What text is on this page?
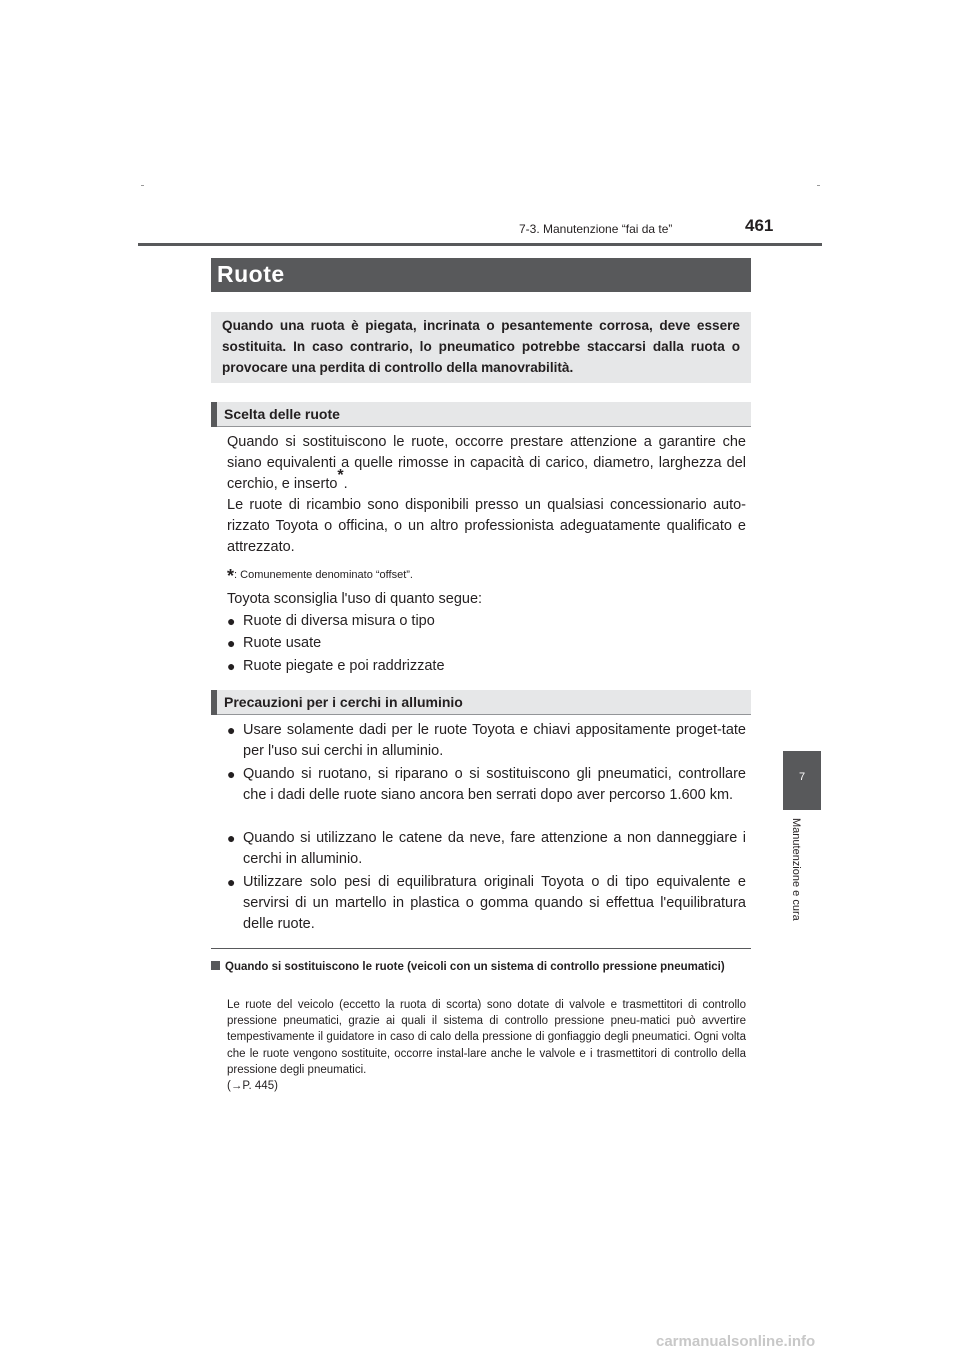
7-3. Manutenzione “fai da te”	461
7
Manutenzione e cura
Ruote

Quando una ruota è piegata, incrinata o pesantemente corrosa, deve essere sostituita. In caso contrario, lo pneumatico potrebbe staccarsi dalla ruota o provocare una perdita di controllo della manovrabilità.

Scelta delle ruote

Quando si sostituiscono le ruote, occorre prestare attenzione a garantire che siano equivalenti a quelle rimosse in capacità di carico, diametro, larghezza del cerchio, e inserto*.

Le ruote di ricambio sono disponibili presso un qualsiasi concessionario auto-rizzato Toyota o officina, o un altro professionista adeguatamente qualificato e attrezzato.

*: Comunemente denominato “offset”.

Toyota sconsiglia l'uso di quanto segue:

● Ruote di diversa misura o tipo
● Ruote usate
● Ruote piegate e poi raddrizzate
Precauzioni per i cerchi in alluminio
● Usare solamente dadi per le ruote Toyota e chiavi appositamente proget-tate per l'uso sui cerchi in alluminio.
● Quando si ruotano, si riparano o si sostituiscono gli pneumatici, controllare che i dadi delle ruote siano ancora ben serrati dopo aver percorso 1.600 km.
● Quando si utilizzano le catene da neve, fare attenzione a non danneggiare i cerchi in alluminio.
● Utilizzare solo pesi di equilibratura originali Toyota o di tipo equivalente e servirsi di un martello in plastica o gomma quando si effettua l'equilibratura delle ruote.

Quando si sostituiscono le ruote (veicoli con un sistema di controllo pressione pneumatici)

Le ruote del veicolo (eccetto la ruota di scorta) sono dotate di valvole e trasmettitori di controllo pressione pneumatici, grazie ai quali il sistema di controllo pressione pneu-matici può avvertire tempestivamente il guidatore in caso di calo della pressione di gonfiaggio degli pneumatici. Ogni volta che le ruote vengono sostituite, occorre instal-lare anche le valvole e i trasmettitori di controllo della pressione degli pneumatici.

(→P. 445)

carmanualsonline.info
